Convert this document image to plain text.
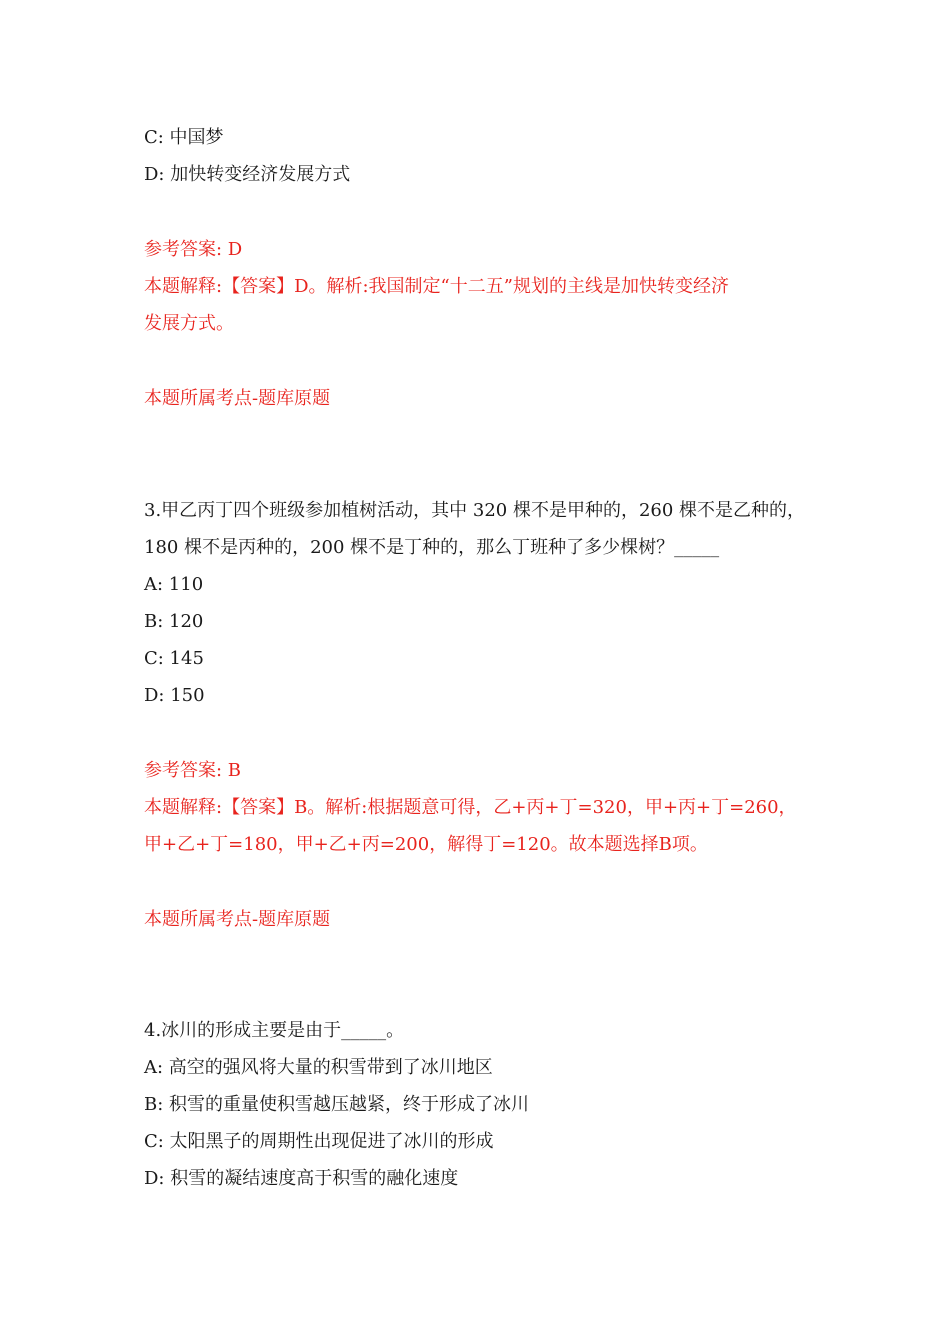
C: 中国梦
D: 加快转变经济发展方式
参考答案: D
本题解释:【答案】D。解析:我国制定“十二五”规划的主线是加快转变经济
发展方式。
本题所属考点-题库原题
3.甲乙丙丁四个班级参加植树活动，其中 320 棵不是甲种的，260 棵不是乙种的，
180 棵不是丙种的，200 棵不是丁种的，那么丁班种了多少棵树？_____
A: 110
B: 120
C: 145
D: 150
参考答案: B
本题解释:【答案】B。解析:根据题意可得，乙+丙+丁=320，甲+丙+丁=260，
甲+乙+丁=180，甲+乙+丙=200，解得丁=120。故本题选择B项。
本题所属考点-题库原题
4.冰川的形成主要是由于_____。
A: 高空的强风将大量的积雪带到了冰川地区
B: 积雪的重量使积雪越压越紧，终于形成了冰川
C: 太阳黑子的周期性出现促进了冰川的形成
D: 积雪的凝结速度高于积雪的融化速度
